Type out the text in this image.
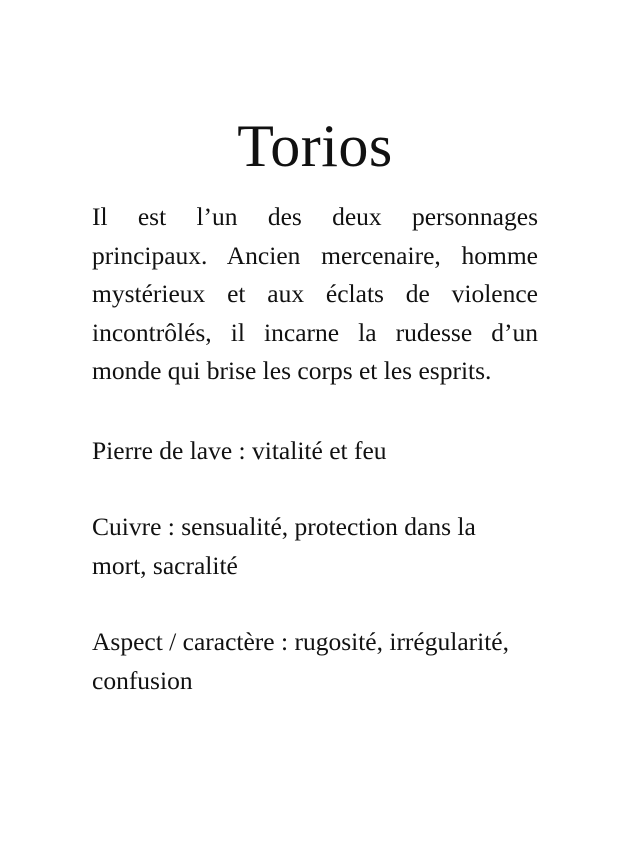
Torios

Il est l’un des deux personnages principaux. Ancien mercenaire, homme mystérieux et aux éclats de violence incontrôlés, il incarne la rudesse d’un monde qui brise les corps et les esprits.

Pierre de lave : vitalité et feu

Cuivre : sensualité, protection dans la mort, sacralité

Aspect / caractère : rugosité, irrégularité, confusion
